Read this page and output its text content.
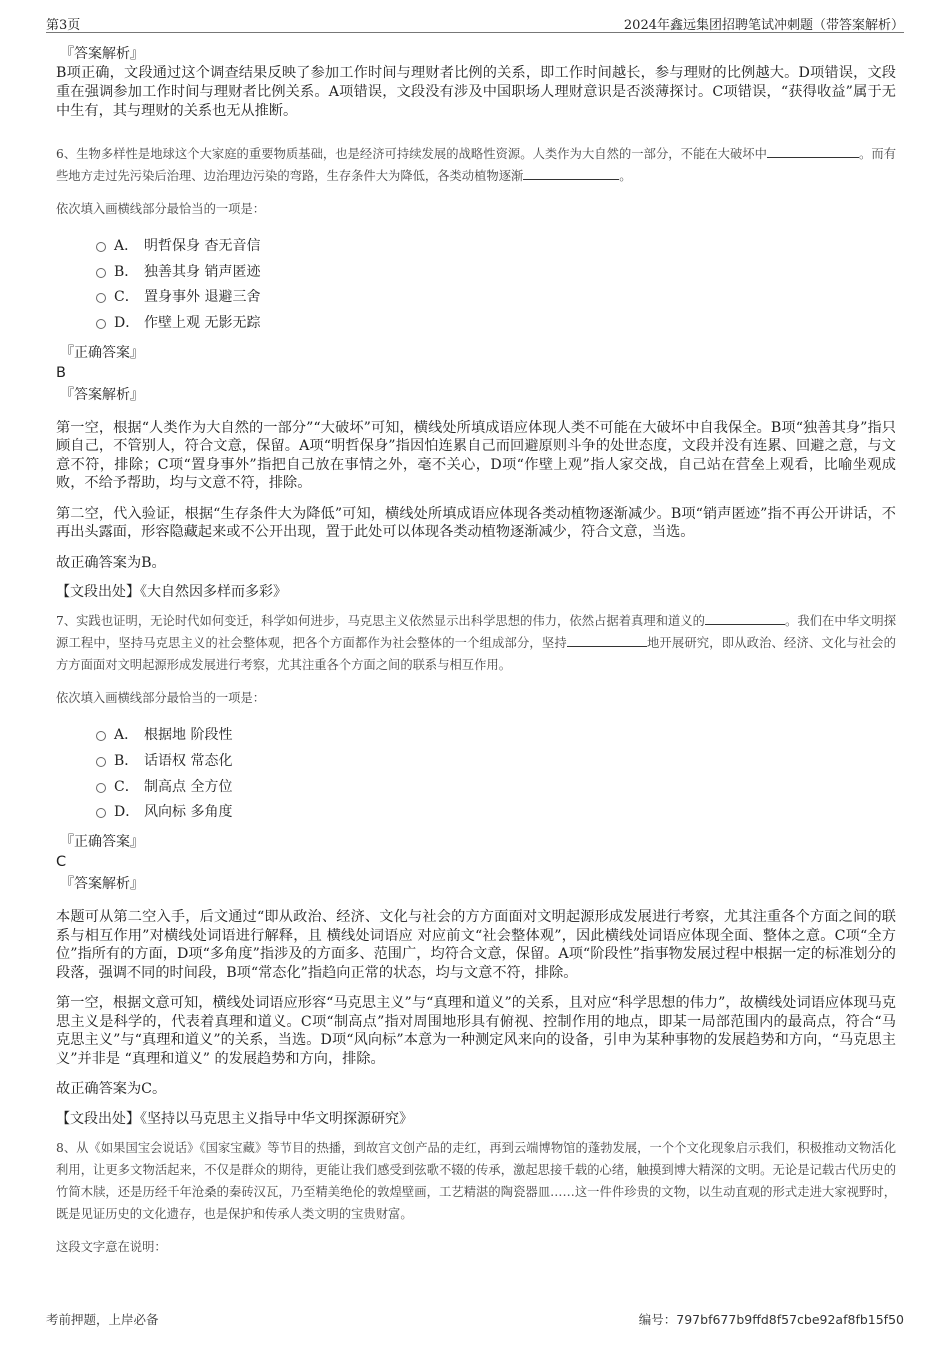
第3页	2024年鑫远集团招聘笔试冲刺题（带答案解析）
『答案解析』
B项正确，文段通过这个调查结果反映了参加工作时间与理财者比例的关系，即工作时间越长，参与理财的比例越大。D项错误，文段重在强调参加工作时间与理财者比例关系。A项错误，文段没有涉及中国职场人理财意识是否淡薄探讨。C项错误，“获得收益”属于无中生有，其与理财的关系也无从推断。
6、生物多样性是地球这个大家庭的重要物质基础，也是经济可持续发展的战略性资源。人类作为大自然的一部分，不能在大破坏中	。而有些地方走过先污染后治理、边治理边污染的弯路，生存条件大为降低，各类动植物逐渐	。
依次填入画横线部分最恰当的一项是：
A． 明哲保身 杳无音信
B． 独善其身 销声匿迹
C． 置身事外 退避三舍
D． 作壁上观 无影无踪
『正确答案』
B
『答案解析』
第一空，根据“人类作为大自然的一部分”“大破坏”可知，横线处所填成语应体现人类不可能在大破坏中自我保全。B项“独善其身”指只顾自己，不管别人，符合文意，保留。A项“明哲保身”指因怕连累自己而回避原则斗争的处世态度，文段并没有连累、回避之意，与文意不符，排除；C项“置身事外”指把自己放在事情之外，毫不关心，D项“作壁上观”指人家交战，自己站在营垒上观看，比喻坐观成败，不给予帮助，均与文意不符，排除。
第二空，代入验证，根据“生存条件大为降低”可知，横线处所填成语应体现各类动植物逐渐减少。B项“销声匿迹”指不再公开讲话，不再出头露面，形容隐藏起来或不公开出现，置于此处可以体现各类动植物逐渐减少，符合文意，当选。
故正确答案为B。
【文段出处】《大自然因多样而多彩》
7、实践也证明，无论时代如何变迁，科学如何进步，马克思主义依然显示出科学思想的伟力，依然占据着真理和道义的	。我们在中华文明探源工程中，坚持马克思主义的社会整体观，把各个方面都作为社会整体的一个组成部分，坚持	地开展研究，即从政治、经济、文化与社会的方方面面对文明起源形成发展进行考察，尤其注重各个方面之间的联系与相互作用。
依次填入画横线部分最恰当的一项是：
A． 根据地 阶段性
B． 话语权 常态化
C． 制高点 全方位
D． 风向标 多角度
『正确答案』
C
『答案解析』
本题可从第二空入手，后文通过“即从政治、经济、文化与社会的方方面面对文明起源形成发展进行考察，尤其注重各个方面之间的联系与相互作用”对横线处词语进行解释，且 横线处词语应 对应前文“社会整体观”，因此横线处词语应体现全面、整体之意。C项“全方位”指所有的方面，D项“多角度”指涉及的方面多、范围广，均符合文意，保留。A项“阶段性”指事物发展过程中根据一定的标准划分的段落，强调不同的时间段，B项“常态化”指趋向正常的状态，均与文意不符，排除。
第一空，根据文意可知，横线处词语应形容“马克思主义”与“真理和道义”的关系，且对应“科学思想的伟力”，故横线处词语应体现马克思主义是科学的，代表着真理和道义。C项“制高点”指对周围地形具有俯视、控制作用的地点，即某一局部范围内的最高点，符合“马克思主义”与“真理和道义”的关系，当选。D项“风向标”本意为一种测定风来向的设备，引申为某种事物的发展趋势和方向，“马克思主义”并非是 “真理和道义” 的发展趋势和方向，排除。
故正确答案为C。
【文段出处】《坚持以马克思主义指导中华文明探源研究》
8、从《如果国宝会说话》《国家宝藏》等节目的热播，到故宫文创产品的走红，再到云端博物馆的蓬勃发展，一个个文化现象启示我们，积极推动文物活化利用，让更多文物活起来，不仅是群众的期待，更能让我们感受到弦歌不辍的传承，激起思接千载的心绪，触摸到博大精深的文明。无论是记载古代历史的竹简木牍，还是历经千年沧桑的秦砖汉瓦，乃至精美绝伦的敦煌壁画，工艺精湛的陶瓷器皿……这一件件珍贵的文物，以生动直观的形式走进大家视野时，既是见证历史的文化遗存，也是保护和传承人类文明的宝贵财富。
这段文字意在说明：
考前押题，上岸必备	编号：797bf677b9ffd8f57cbe92af8fb15f50
